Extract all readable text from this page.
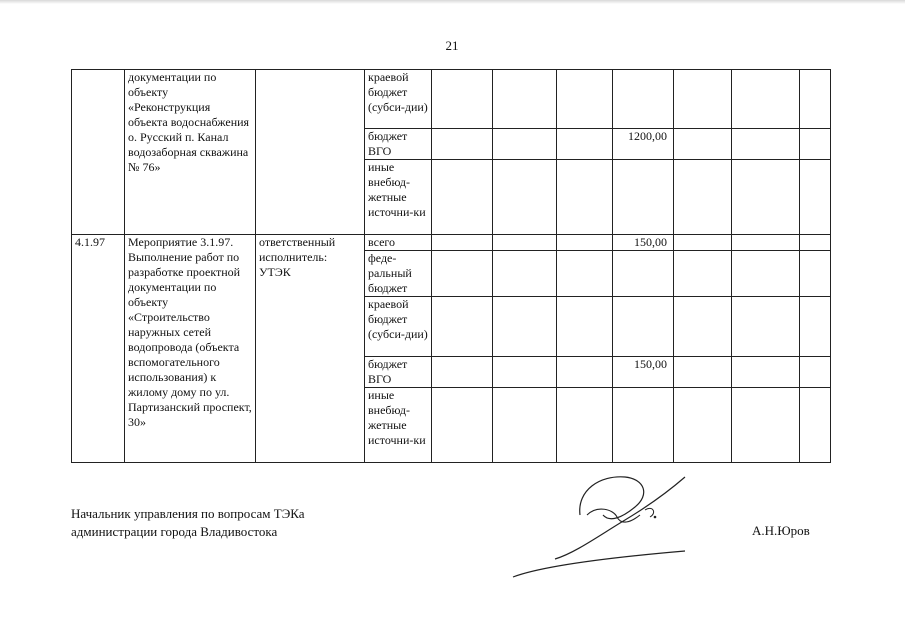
21
	документации по объекту «Реконструкция объекта водоснабжения о. Русский п. Канал водозаборная скважина № 76»		краевой бюджет (субси-дии)							
			бюджет ВГО				1200,00			
			иные внебюд-жетные источни-ки							
4.1.97	Мероприятие 3.1.97. Выполнение работ по разработке проектной документации по объекту «Строительство наружных сетей водопровода (объекта вспомогательного использования) к жилому дому по ул. Партизанский проспект, 30»	ответственный исполнитель: УТЭК	всего				150,00			
			феде-ральный бюджет							
			краевой бюджет (субси-дии)							
			бюджет ВГО				150,00			
			иные внебюд-жетные источни-ки							
Начальник управления по вопросам ТЭКа
администрации города Владивостока	А.Н.Юров
